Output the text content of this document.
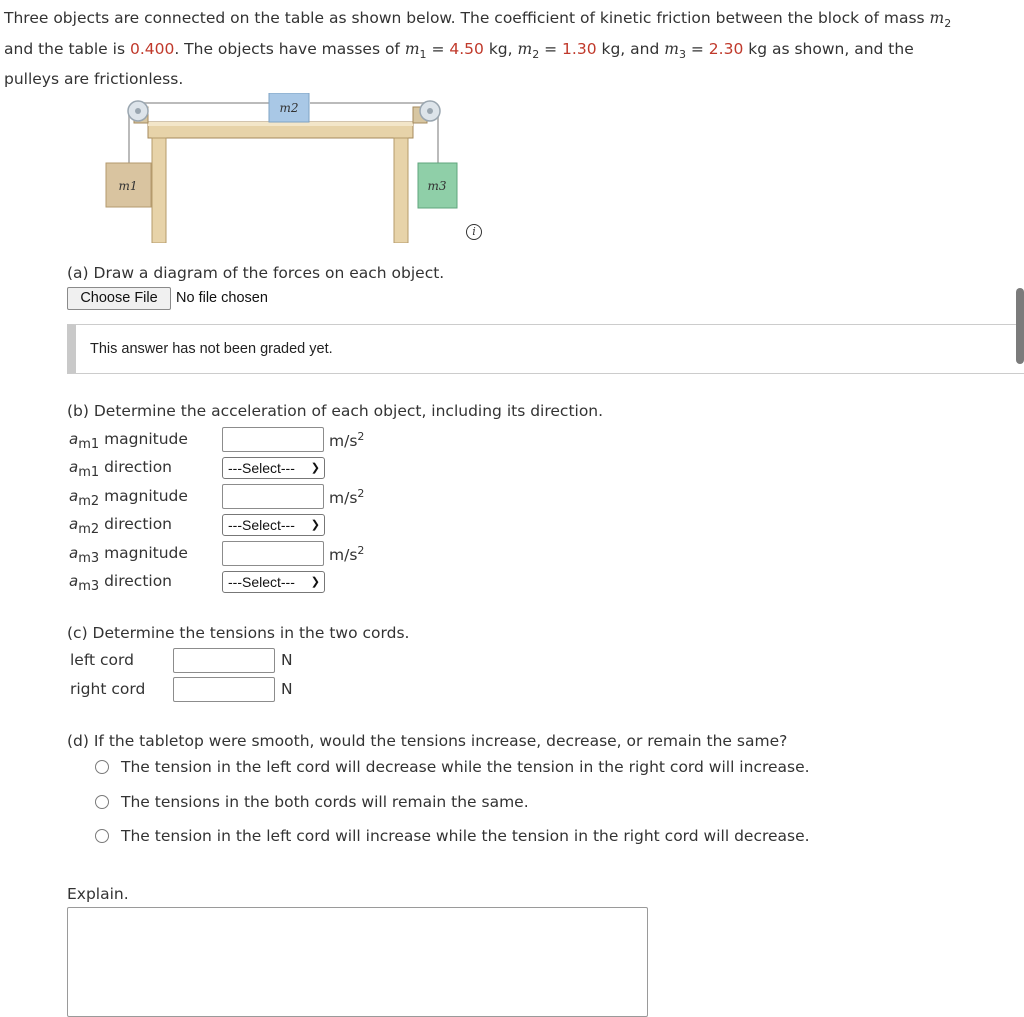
Three objects are connected on the table as shown below. The coefficient of kinetic friction between the block of mass $m_2$
and the table is 0.400. The objects have masses of $m_1 = 4.50$ kg, $m_2 = 1.30$ kg, and $m_3 = 2.30$ kg as shown, and the
pulleys are frictionless.
m1
m2
m3
i
(a) Draw a diagram of the forces on each object.
Choose File	No file chosen
This answer has not been graded yet.
(b) Determine the acceleration of each object, including its direction.
$a_{m1}$ magnitude	$m/s^2$
$a_{m1}$ direction	---Select--- ❯
$a_{m2}$ magnitude	$m/s^2$
$a_{m2}$ direction	---Select--- ❯
$a_{m3}$ magnitude	$m/s^2$
$a_{m3}$ direction	---Select--- ❯
(c) Determine the tensions in the two cords.
left cord	N
right cord	N
(d) If the tabletop were smooth, would the tensions increase, decrease, or remain the same?
The tension in the left cord will decrease while the tension in the right cord will increase.
The tensions in the both cords will remain the same.
The tension in the left cord will increase while the tension in the right cord will decrease.
Explain.
